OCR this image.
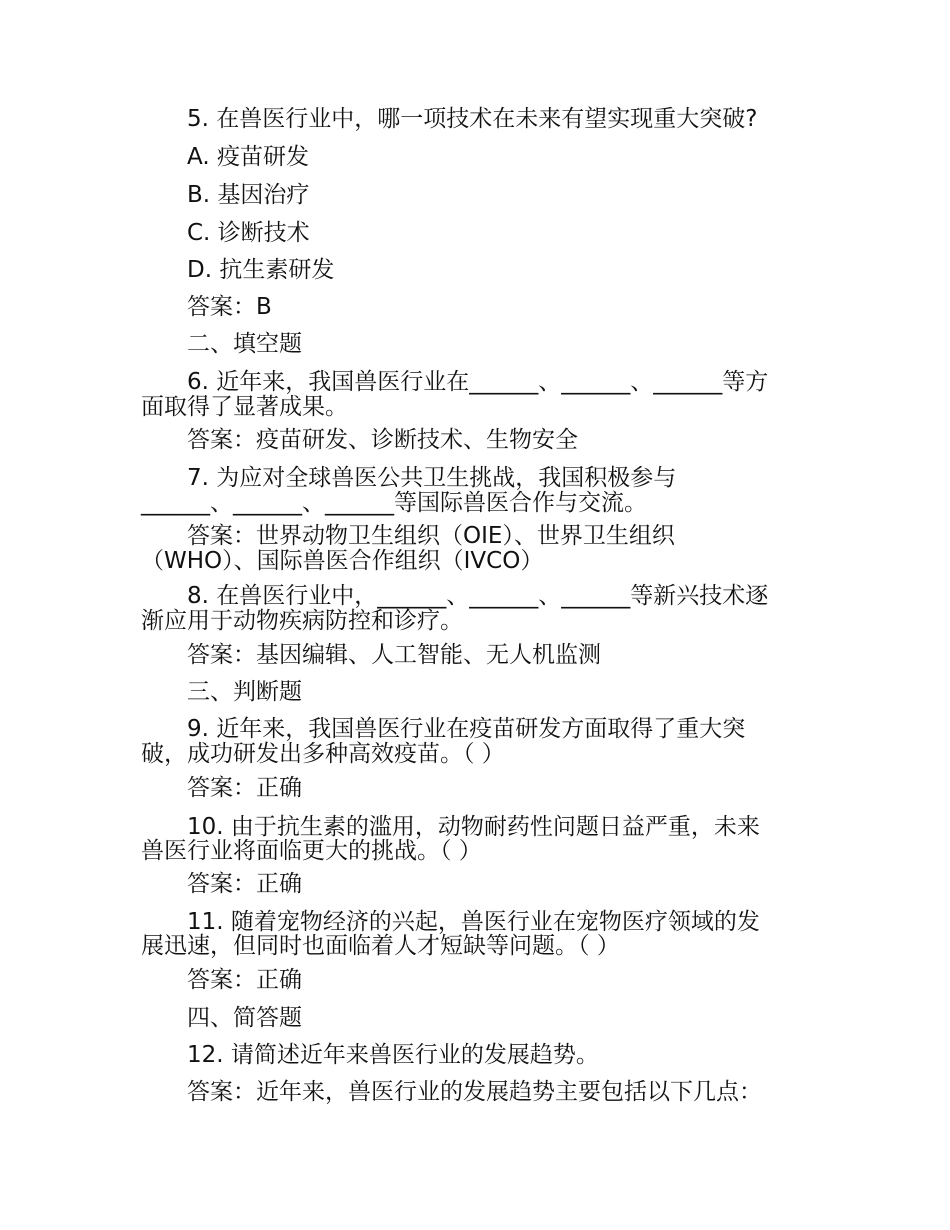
5. 在兽医行业中，哪一项技术在未来有望实现重大突破?
A. 疫苗研发
B. 基因治疗
C. 诊断技术
D. 抗生素研发
答案：B
二、填空题
6. 近年来，我国兽医行业在______、______、______等方
面取得了显著成果。
答案：疫苗研发、诊断技术、生物安全
7. 为应对全球兽医公共卫生挑战，我国积极参与
______、______、______等国际兽医合作与交流。
答案：世界动物卫生组织（OIE）、世界卫生组织
（WHO）、国际兽医合作组织（IVCO）
8. 在兽医行业中，______、______、______等新兴技术逐
渐应用于动物疾病防控和诊疗。
答案：基因编辑、人工智能、无人机监测
三、判断题
9. 近年来，我国兽医行业在疫苗研发方面取得了重大突
破，成功研发出多种高效疫苗。（ ）
答案：正确
10. 由于抗生素的滥用，动物耐药性问题日益严重，未来
兽医行业将面临更大的挑战。（ ）
答案：正确
11. 随着宠物经济的兴起，兽医行业在宠物医疗领域的发
展迅速，但同时也面临着人才短缺等问题。（ ）
答案：正确
四、简答题
12. 请简述近年来兽医行业的发展趋势。
答案：近年来，兽医行业的发展趋势主要包括以下几点：
